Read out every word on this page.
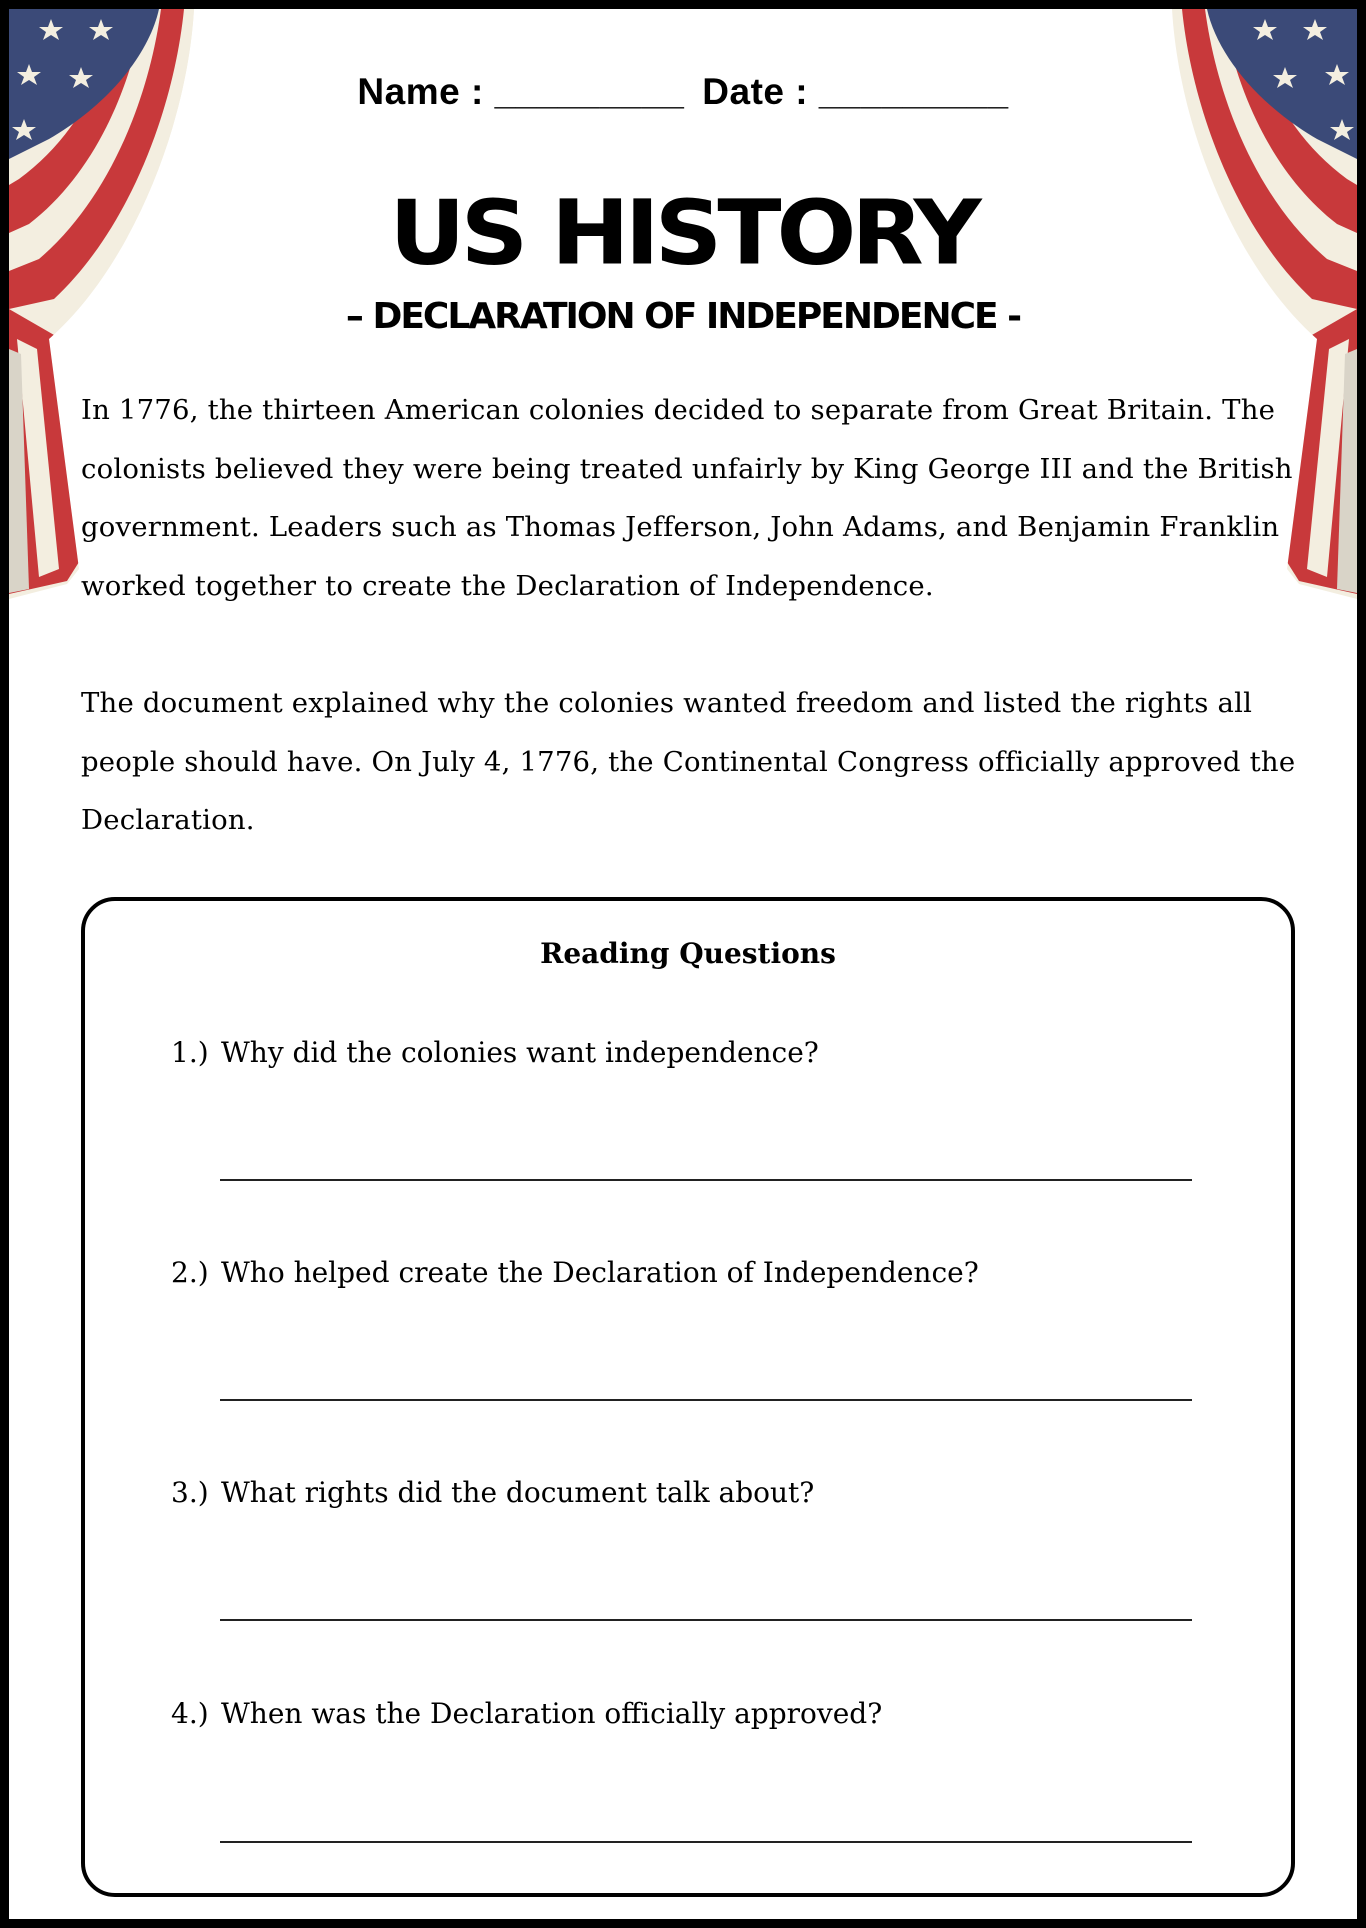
Name : _________ Date : _________
US HISTORY
– DECLARATION OF INDEPENDENCE -

In 1776, the thirteen American colonies decided to separate from Great Britain. The colonists believed they were being treated unfairly by King George III and the British government. Leaders such as Thomas Jefferson, John Adams, and Benjamin Franklin worked together to create the Declaration of Independence.

The document explained why the colonies wanted freedom and listed the rights all people should have. On July 4, 1776, the Continental Congress officially approved the Declaration.

Reading Questions
1.) Why did the colonies want independence?
2.) Who helped create the Declaration of Independence?
3.) What rights did the document talk about?
4.) When was the Declaration officially approved?
